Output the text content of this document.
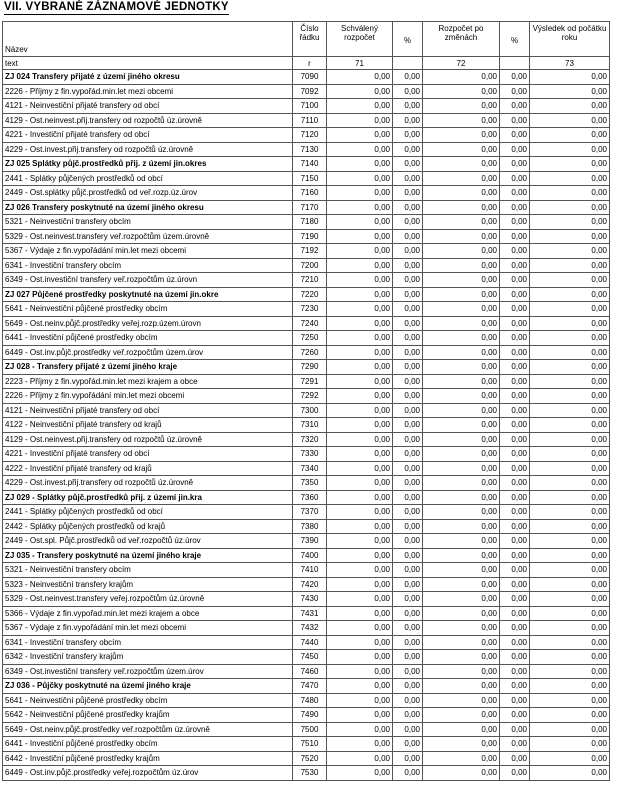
VII. VYBRANÉ ZÁZNAMOVÉ JEDNOTKY
Název	Číslo řádku	Schválený rozpočet	%	Rozpočet po změnách	%	Výsledek od počátku roku
text	r	71		72		73
ZJ 024 Transfery přijaté z území jiného okresu	7090	0,00	0,00	0,00	0,00	0,00
2226 - Příjmy z fin.vypořád.min.let mezi obcemi	7092	0,00	0,00	0,00	0,00	0,00
4121 - Neinvestiční přijaté transfery od obcí	7100	0,00	0,00	0,00	0,00	0,00
4129 - Ost.neinvest.přij.transfery od rozpočtů úz.úrovně	7110	0,00	0,00	0,00	0,00	0,00
4221 - Investiční přijaté transfery od obcí	7120	0,00	0,00	0,00	0,00	0,00
4229 - Ost.invest.přij.transfery od rozpočtů úz.úrovně	7130	0,00	0,00	0,00	0,00	0,00
ZJ 025 Splátky půjč.prostředků přij. z území jin.okres	7140	0,00	0,00	0,00	0,00	0,00
2441 - Splátky půjčených prostředků od obcí	7150	0,00	0,00	0,00	0,00	0,00
2449 - Ost.splátky půjč.prostředků od veř.rozp.úz.úrov	7160	0,00	0,00	0,00	0,00	0,00
ZJ 026 Transfery poskytnuté na území jiného okresu	7170	0,00	0,00	0,00	0,00	0,00
5321 - Neinvestiční transfery obcím	7180	0,00	0,00	0,00	0,00	0,00
5329 - Ost.neinvest.transfery veř.rozpočtům územ.úrovně	7190	0,00	0,00	0,00	0,00	0,00
5367 - Výdaje z fin.vypořádání min.let mezi obcemi	7192	0,00	0,00	0,00	0,00	0,00
6341 - Investiční transfery obcím	7200	0,00	0,00	0,00	0,00	0,00
6349 - Ost.investiční transfery veř.rozpočtům úz.úrovn	7210	0,00	0,00	0,00	0,00	0,00
ZJ 027 Půjčené prostředky poskytnuté na území jin.okre	7220	0,00	0,00	0,00	0,00	0,00
5641 - Neinvestiční půjčené prostředky obcím	7230	0,00	0,00	0,00	0,00	0,00
5649 - Ost.neinv.půjč.prostředky veřej.rozp.územ.úrovn	7240	0,00	0,00	0,00	0,00	0,00
6441 - Investiční půjčené prostředky obcím	7250	0,00	0,00	0,00	0,00	0,00
6449 - Ost.inv.půjč.prostředky veř.rozpočtům územ.úrov	7260	0,00	0,00	0,00	0,00	0,00
ZJ 028 - Transfery přijaté z území jiného kraje	7290	0,00	0,00	0,00	0,00	0,00
2223 - Příjmy z fin.vypořád.min.let mezi krajem a obce	7291	0,00	0,00	0,00	0,00	0,00
2226 - Příjmy z fin.vypořádání min.let mezi obcemi	7292	0,00	0,00	0,00	0,00	0,00
4121 - Neinvestiční přijaté transfery od obcí	7300	0,00	0,00	0,00	0,00	0,00
4122 - Neinvestiční přijaté transfery od krajů	7310	0,00	0,00	0,00	0,00	0,00
4129 - Ost.neinvest.přij.transfery od rozpočtů úz.úrovně	7320	0,00	0,00	0,00	0,00	0,00
4221 - Investiční přijaté transfery od obcí	7330	0,00	0,00	0,00	0,00	0,00
4222 - Investiční přijaté transfery od krajů	7340	0,00	0,00	0,00	0,00	0,00
4229 - Ost.invest.přij.transfery od rozpočtů úz.úrovně	7350	0,00	0,00	0,00	0,00	0,00
ZJ 029 - Splátky půjč.prostředků přij. z území jin.kra	7360	0,00	0,00	0,00	0,00	0,00
2441 - Splátky půjčených prostředků od obcí	7370	0,00	0,00	0,00	0,00	0,00
2442 - Splátky půjčených prostředků od krajů	7380	0,00	0,00	0,00	0,00	0,00
2449 - Ost.spl. Půjč.prostředků od veř.rozpočtů úz.úrov	7390	0,00	0,00	0,00	0,00	0,00
ZJ 035 - Transfery poskytnuté na území jiného kraje	7400	0,00	0,00	0,00	0,00	0,00
5321 - Neinvestiční transfery obcím	7410	0,00	0,00	0,00	0,00	0,00
5323 - Neinvestiční transfery krajům	7420	0,00	0,00	0,00	0,00	0,00
5329 - Ost.neinvest.transfery veřej.rozpočtům úz.úrovně	7430	0,00	0,00	0,00	0,00	0,00
5366 - Výdaje z fin.vypořad.min.let mezi krajem a obce	7431	0,00	0,00	0,00	0,00	0,00
5367 - Výdaje z fin.vypořádání min.let mezi obcemi	7432	0,00	0,00	0,00	0,00	0,00
6341 - Investiční transfery obcím	7440	0,00	0,00	0,00	0,00	0,00
6342 - Investiční transfery krajům	7450	0,00	0,00	0,00	0,00	0,00
6349 - Ost.investiční transfery veř.rozpočtům územ.úrov	7460	0,00	0,00	0,00	0,00	0,00
ZJ 036 - Půjčky poskytnuté na území jiného kraje	7470	0,00	0,00	0,00	0,00	0,00
5641 - Neinvestiční půjčené prostředky obcím	7480	0,00	0,00	0,00	0,00	0,00
5642 - Neinvestiční půjčené prostředky krajům	7490	0,00	0,00	0,00	0,00	0,00
5649 - Ost.neinv.půjč.prostředky veř.rozpočtům úz.úrovně	7500	0,00	0,00	0,00	0,00	0,00
6441 - Investiční půjčené prostředky obcím	7510	0,00	0,00	0,00	0,00	0,00
6442 - Investiční půjčené prostředky krajům	7520	0,00	0,00	0,00	0,00	0,00
6449 - Ost.inv.půjč.prostředky veřej.rozpočtům úz.úrov	7530	0,00	0,00	0,00	0,00	0,00
